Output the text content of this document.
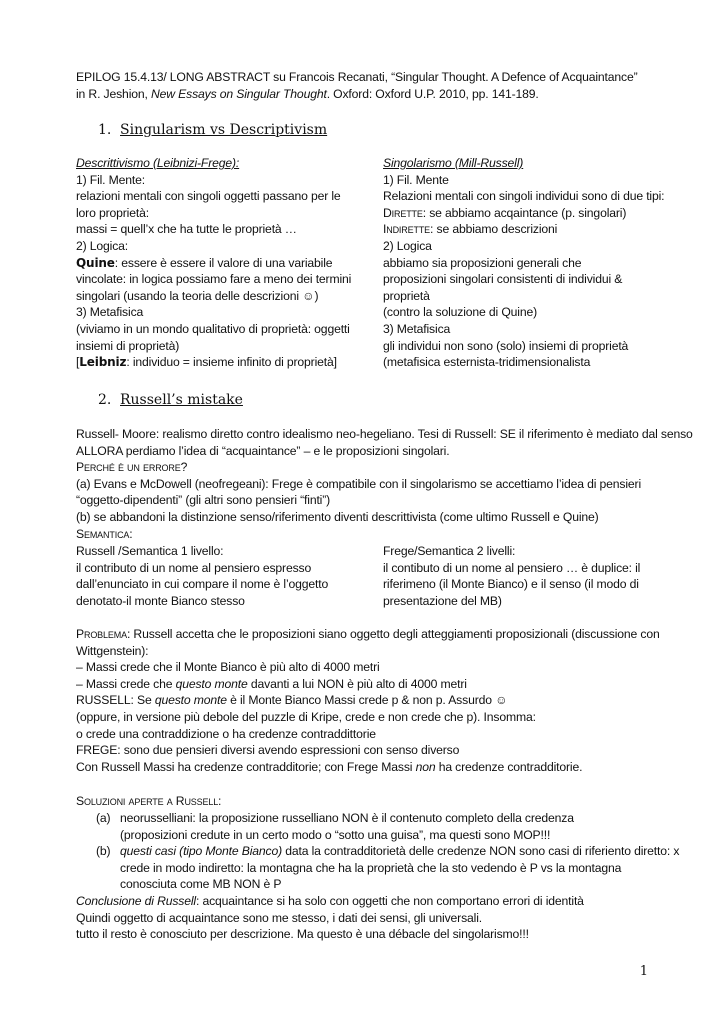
EPILOG 15.4.13/ LONG ABSTRACT su Francois Recanati, “Singular Thought. A Defence of Acquaintance”
in R. Jeshion, New Essays on Singular Thought. Oxford: Oxford U.P. 2010, pp. 141-189.
1. Singularism vs Descriptivism
Descrittivismo (Leibnizi-Frege):
1) Fil. Mente:
relazioni mentali con singoli oggetti passano per le
loro proprietà:
massi = quell’x che ha tutte le proprietà …
2) Logica:
Quine: essere è essere il valore di una variabile
vincolate: in logica possiamo fare a meno dei termini
singolari (usando la teoria delle descrizioni ☺)
3) Metafisica
(viviamo in un mondo qualitativo di proprietà: oggetti
insiemi di proprietà)
[Leibniz: individuo = insieme infinito di proprietà]
Singolarismo (Mill-Russell)
1) Fil. Mente
Relazioni mentali con singoli individui sono di due tipi:
Dirette: se abbiamo acqaintance (p. singolari)
Indirette: se abbiamo descrizioni
2) Logica
abbiamo sia proposizioni generali che
proposizioni singolari consistenti di individui &
proprietà
(contro la soluzione di Quine)
3) Metafisica
gli individui non sono (solo) insiemi di proprietà
(metafisica esternista-tridimensionalista
2. Russell’s mistake
Russell- Moore: realismo diretto contro idealismo neo-hegeliano. Tesi di Russell: SE il riferimento è mediato dal senso
ALLORA perdiamo l’idea di “acquaintance” – e le proposizioni singolari.
Perché è un errore?
(a) Evans e McDowell (neofregeani): Frege è compatibile con il singolarismo se accettiamo l’idea di pensieri
“oggetto-dipendenti” (gli altri sono pensieri “finti”)
(b) se abbandoni la distinzione senso/riferimento diventi descrittivista (come ultimo Russell e Quine)
Semantica:
Russell /Semantica 1 livello:
il contributo di un nome al pensiero espresso
dall’enunciato in cui compare il nome è l’oggetto
denotato-il monte Bianco stesso
Frege/Semantica 2 livelli:
il contibuto di un nome al pensiero … è duplice: il
riferimeno (il Monte Bianco) e il senso (il modo di
presentazione del MB)
Problema: Russell accetta che le proposizioni siano oggetto degli atteggiamenti proposizionali (discussione con
Wittgenstein):
– Massi crede che il Monte Bianco è più alto di 4000 metri
– Massi crede che questo monte davanti a lui NON è più alto di 4000 metri
RUSSELL: Se questo monte è il Monte Bianco Massi crede p & non p. Assurdo ☺
(oppure, in versione più debole del puzzle di Kripe, crede e non crede che p). Insomma:
o crede una contraddizione o ha credenze contraddittorie
FREGE: sono due pensieri diversi avendo espressioni con senso diverso
Con Russell Massi ha credenze contradditorie; con Frege Massi non ha credenze contradditorie.
Soluzioni aperte a Russell:
(a) neorusselliani: la proposizione russelliano NON è il contenuto completo della credenza
(proposizioni credute in un certo modo o “sotto una guisa”, ma questi sono MOP!!!
(b) questi casi (tipo Monte Bianco) data la contradditorietà delle credenze NON sono casi di riferiento diretto: x
crede in modo indiretto: la montagna che ha la proprietà che la sto vedendo è P vs la montagna
conosciuta come MB NON è P
Conclusione di Russell: acquaintance si ha solo con oggetti che non comportano errori di identità
Quindi oggetto di acquaintance sono me stesso, i dati dei sensi, gli universali.
tutto il resto è conosciuto per descrizione. Ma questo è una débacle del singolarismo!!!
1
